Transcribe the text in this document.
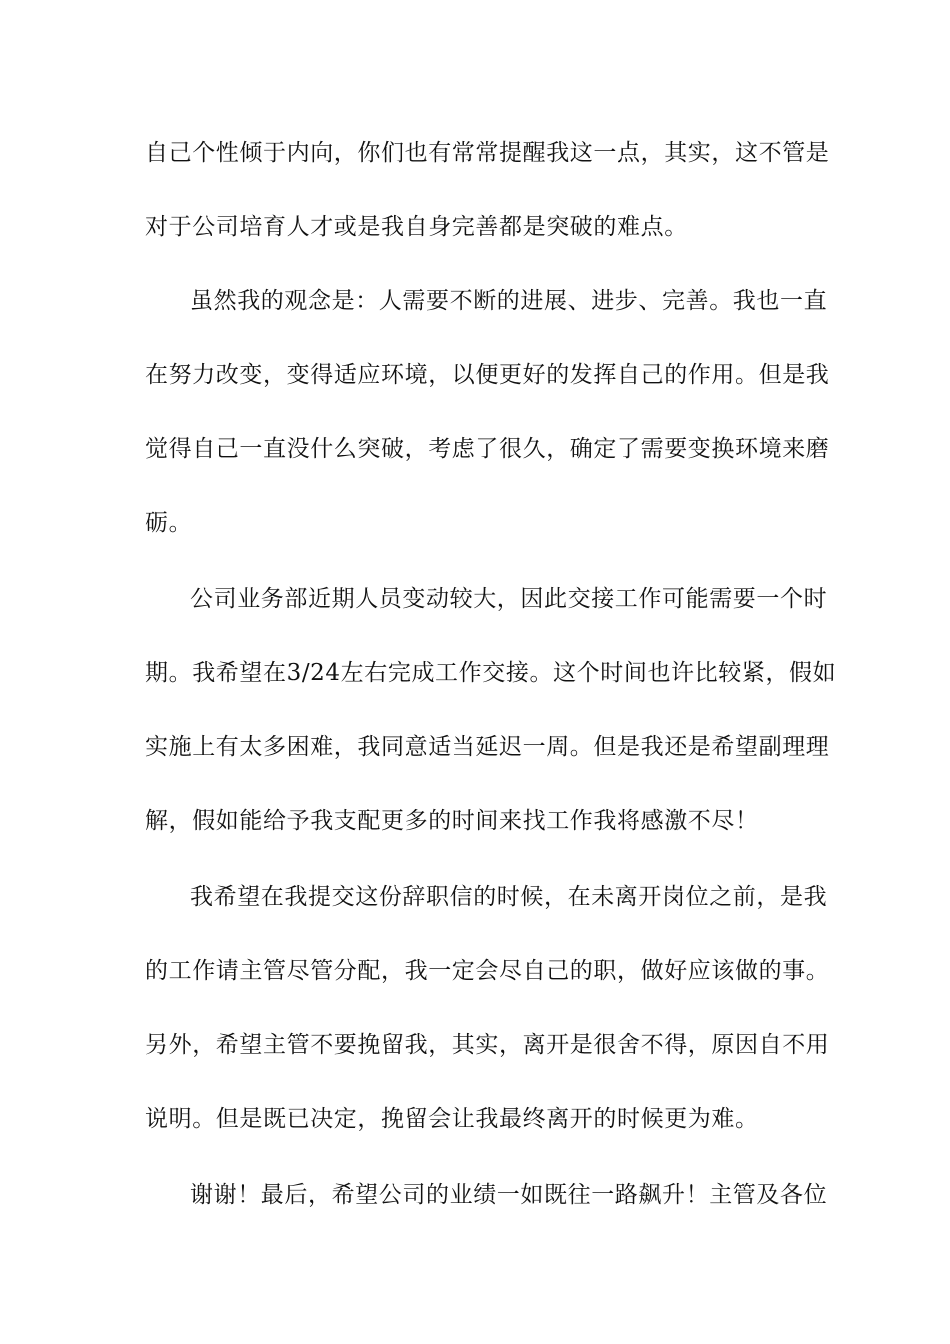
自己个性倾于内向，你们也有常常提醒我这一点，其实，这不管是
对于公司培育人才或是我自身完善都是突破的难点。
虽然我的观念是：人需要不断的进展、进步、完善。我也一直
在努力改变，变得适应环境，以便更好的发挥自己的作用。但是我
觉得自己一直没什么突破，考虑了很久，确定了需要变换环境来磨
砺。
公司业务部近期人员变动较大，因此交接工作可能需要一个时
期。我希望在3/24左右完成工作交接。这个时间也许比较紧，假如
实施上有太多困难，我同意适当延迟一周。但是我还是希望副理理
解，假如能给予我支配更多的时间来找工作我将感激不尽！
我希望在我提交这份辞职信的时候，在未离开岗位之前，是我
的工作请主管尽管分配，我一定会尽自己的职，做好应该做的事。
另外，希望主管不要挽留我，其实，离开是很舍不得，原因自不用
说明。但是既已决定，挽留会让我最终离开的时候更为难。
谢谢！最后，希望公司的业绩一如既往一路飙升！主管及各位
